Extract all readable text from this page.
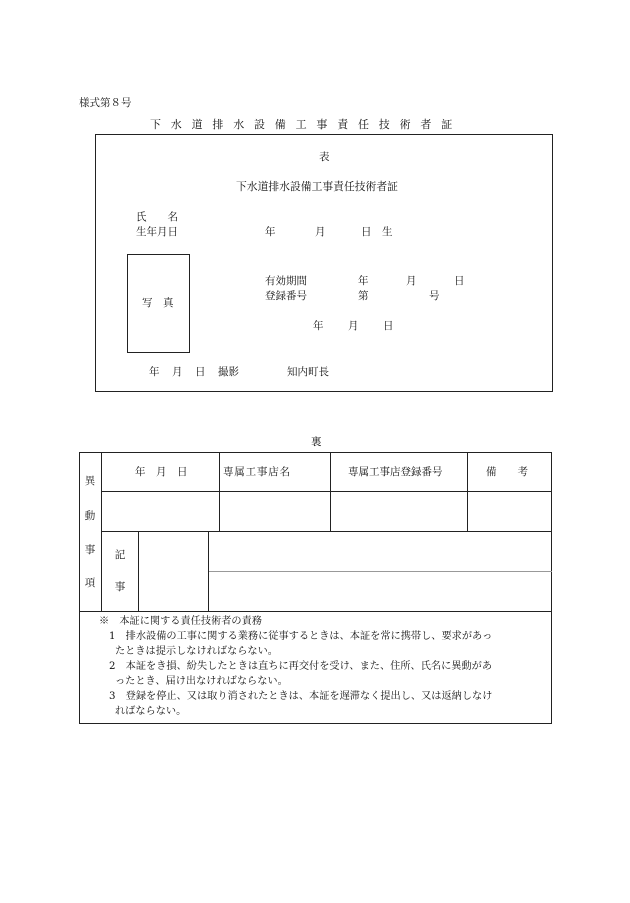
様式第８号
下水道排水設備工事責任技術者証
表
下水道排水設備工事責任技術者証
氏　　名
生年月日	年	月	日　生
写　真
有効期間	年	月	日
登録番号	第	号
年 月 日
年 月 日 撮影	知内町長
裏
異
動
事
項
年　月　日	専属工事店名	専属工事店登録番号	備　　考
記
事
※　本証に関する責任技術者の責務
1　排水設備の工事に関する業務に従事するときは、本証を常に携帯し、要求があっ
たときは提示しなければならない。
2　本証をき損、紛失したときは直ちに再交付を受け、また、住所、氏名に異動があ
ったとき、届け出なければならない。
3　登録を停止、又は取り消されたときは、本証を遅滞なく提出し、又は返納しなけ
ればならない。
